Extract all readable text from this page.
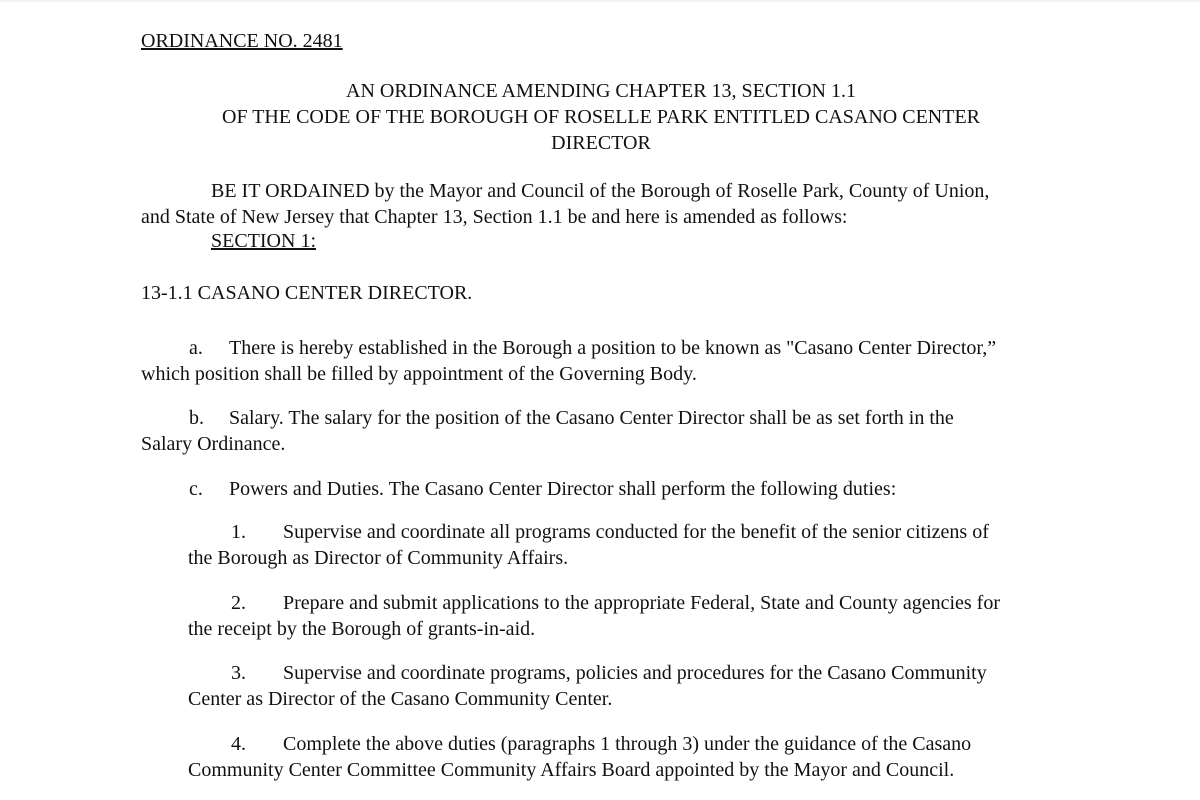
ORDINANCE NO. 2481
AN ORDINANCE AMENDING CHAPTER 13, SECTION 1.1
OF THE CODE OF THE BOROUGH OF ROSELLE PARK ENTITLED CASANO CENTER
DIRECTOR
BE IT ORDAINED by the Mayor and Council of the Borough of Roselle Park, County of Union,
and State of New Jersey that Chapter 13, Section 1.1 be and here is amended as follows:
SECTION 1:
13-1.1 CASANO CENTER DIRECTOR.
a. There is hereby established in the Borough a position to be known as "Casano Center Director,”
which position shall be filled by appointment of the Governing Body.
b. Salary. The salary for the position of the Casano Center Director shall be as set forth in the
Salary Ordinance.
c. Powers and Duties. The Casano Center Director shall perform the following duties:
1. Supervise and coordinate all programs conducted for the benefit of the senior citizens of
the Borough as Director of Community Affairs.
2. Prepare and submit applications to the appropriate Federal, State and County agencies for
the receipt by the Borough of grants-in-aid.
3. Supervise and coordinate programs, policies and procedures for the Casano Community
Center as Director of the Casano Community Center.
4. Complete the above duties (paragraphs 1 through 3) under the guidance of the Casano
Community Center Committee Community Affairs Board appointed by the Mayor and Council.
